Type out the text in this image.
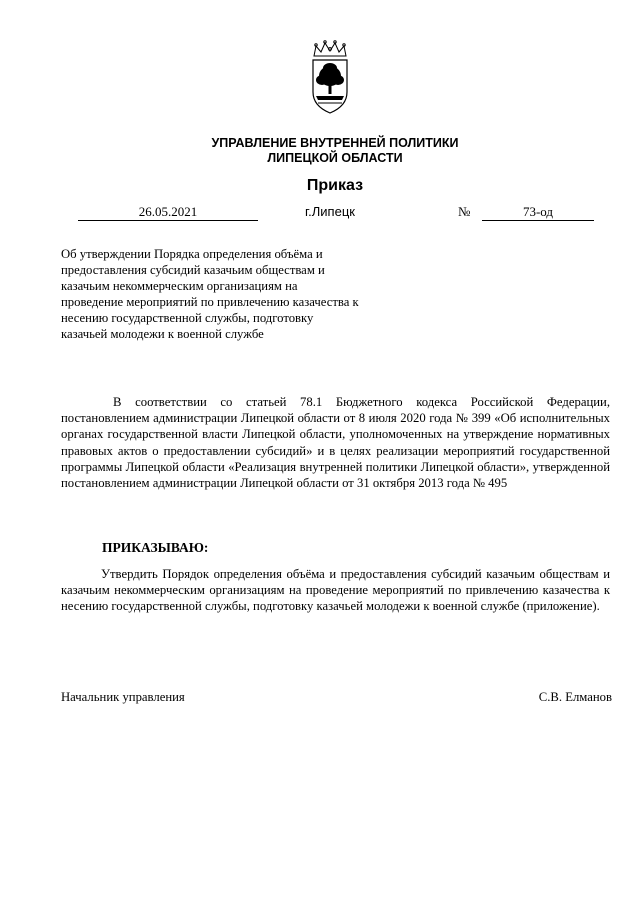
УПРАВЛЕНИЕ ВНУТРЕННЕЙ ПОЛИТИКИ
ЛИПЕЦКОЙ ОБЛАСТИ
Приказ
26.05.2021	г.Липецк	№	73-од
Об утверждении Порядка определения объёма и предоставления субсидий казачьим обществам и казачьим некоммерческим организациям на проведение мероприятий по привлечению казачества к несению государственной службы, подготовку казачьей молодежи к военной службе
В соответствии со статьей 78.1 Бюджетного кодекса Российской Федерации, постановлением администрации Липецкой области от 8 июля 2020 года № 399 «Об исполнительных органах государственной власти Липецкой области, уполномоченных на утверждение нормативных правовых актов о предоставлении субсидий» и в целях реализации мероприятий государственной программы Липецкой области «Реализация внутренней политики Липецкой области», утвержденной постановлением администрации Липецкой области от 31 октября 2013 года № 495
ПРИКАЗЫВАЮ:
Утвердить Порядок определения объёма и предоставления субсидий казачьим обществам и казачьим некоммерческим организациям на проведение мероприятий по привлечению казачества к несению государственной службы, подготовку казачьей молодежи к военной службе (приложение).
Начальник управления	С.В. Елманов
